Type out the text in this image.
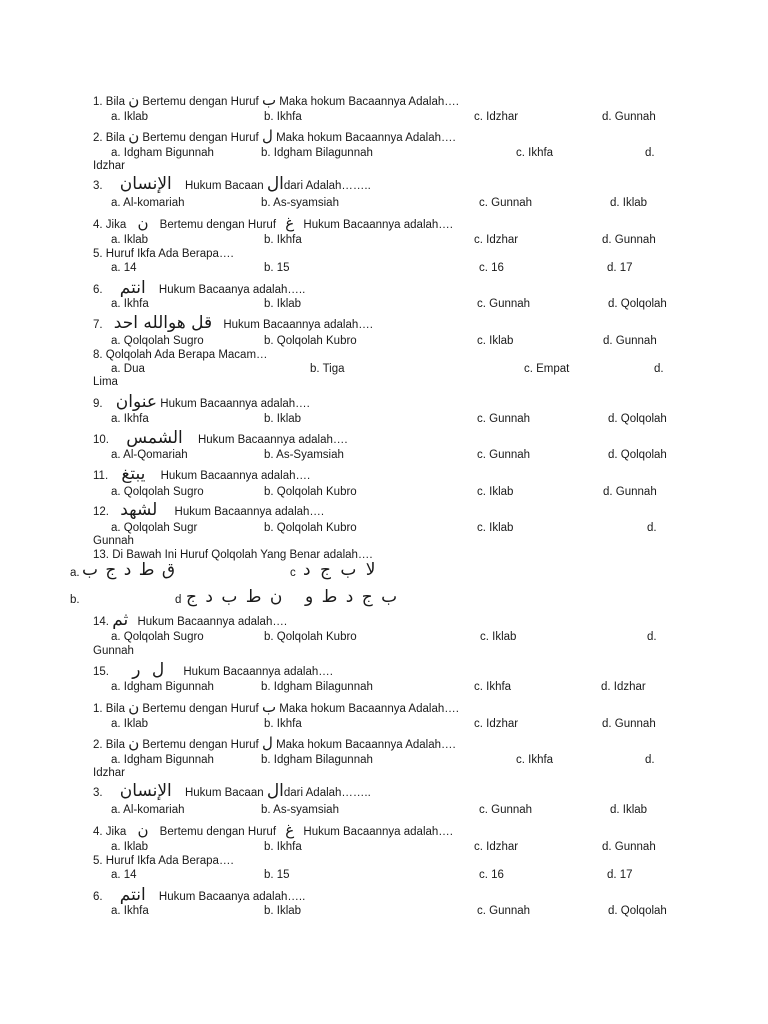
1. Bila ن Bertemu dengan Huruf ب Maka hokum Bacaannya Adalah….
a. Iklab	b. Ikhfa	c. Idzhar	d. Gunnah
2. Bila ن Bertemu dengan Huruf ل Maka hokum Bacaannya Adalah….
a. Idgham Bigunnah	b. Idgham Bilagunnah	c. Ikhfa	d.
Idzhar
3. الإنسان Hukum Bacaan الdari Adalah……..
a. Al-komariah	b. As-syamsiah	c. Gunnah	d. Iklab
4. Jika ن Bertemu dengan Huruf غ Hukum Bacaannya adalah….
a. Iklab	b. Ikhfa	c. Idzhar	d. Gunnah
5. Huruf Ikfa Ada Berapa….
a. 14	b. 15	c. 16	d. 17
6. انتم Hukum Bacaanya adalah…..
a. Ikhfa	b. Iklab	c. Gunnah	d. Qolqolah
7. قل هوالله احد Hukum Bacaannya adalah….
a. Qolqolah Sugro	b. Qolqolah Kubro	c. Iklab	d. Gunnah
8. Qolqolah Ada Berapa Macam…
a. Dua	b. Tiga	c. Empat	d.
Lima
9. عنوان Hukum Bacaannya adalah….
a. Ikhfa	b. Iklab	c. Gunnah	d. Qolqolah
10. الشمس Hukum Bacaannya adalah….
a. Al-Qomariah	b. As-Syamsiah	c. Gunnah	d. Qolqolah
11. يبتغ Hukum Bacaannya adalah….
a. Qolqolah Sugro	b. Qolqolah Kubro	c. Iklab	d. Gunnah
12. لشهد Hukum Bacaannya adalah….
a. Qolqolah Sugr	b. Qolqolah Kubro	c. Iklab	d.
Gunnah
13. Di Bawah Ini Huruf Qolqolah Yang Benar adalah….
a. ق ط د ج ب	c لا ب ج د
b.	d ن ط ب د ج ب ج د ط و
14. ثم Hukum Bacaannya adalah….
a. Qolqolah Sugro	b. Qolqolah Kubro	c. Iklab	d.
Gunnah
15. ل ر Hukum Bacaannya adalah….
a. Idgham Bigunnah	b. Idgham Bilagunnah	c. Ikhfa	d. Idzhar
1. Bila ن Bertemu dengan Huruf ب Maka hokum Bacaannya Adalah….
a. Iklab	b. Ikhfa	c. Idzhar	d. Gunnah
2. Bila ن Bertemu dengan Huruf ل Maka hokum Bacaannya Adalah….
a. Idgham Bigunnah	b. Idgham Bilagunnah	c. Ikhfa	d.
Idzhar
3. الإنسان Hukum Bacaan الdari Adalah……..
a. Al-komariah	b. As-syamsiah	c. Gunnah	d. Iklab
4. Jika ن Bertemu dengan Huruf غ Hukum Bacaannya adalah….
a. Iklab	b. Ikhfa	c. Idzhar	d. Gunnah
5. Huruf Ikfa Ada Berapa….
a. 14	b. 15	c. 16	d. 17
6. انتم Hukum Bacaanya adalah…..
a. Ikhfa	b. Iklab	c. Gunnah	d. Qolqolah
